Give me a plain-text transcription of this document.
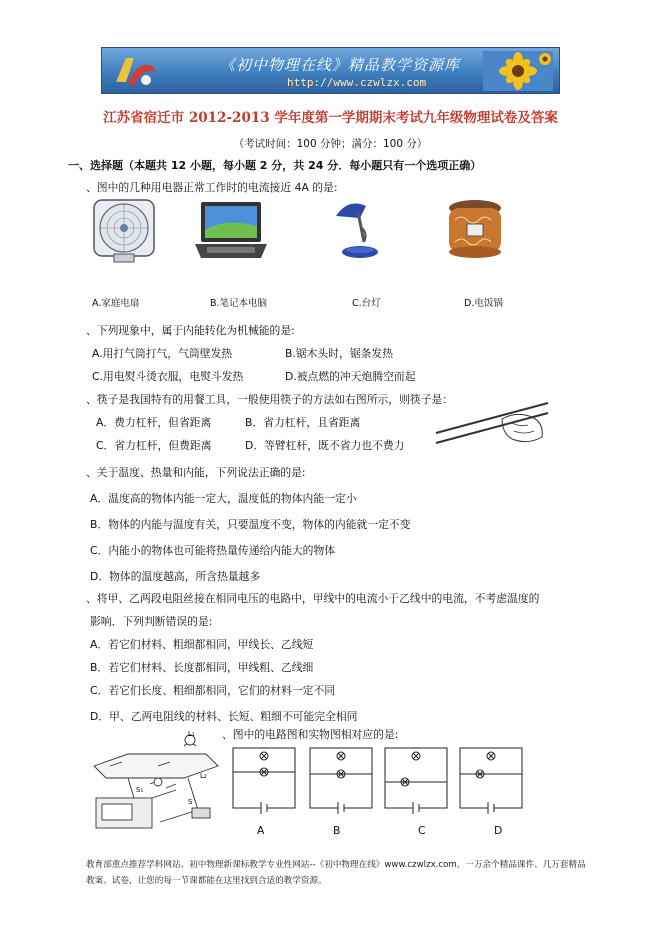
《初中物理在线》精品教学资源库
http://www.czwlzx.com
江苏省宿迁市 2012-2013 学年度第一学期期末考试九年级物理试卷及答案
（考试时间：100 分钟；满分：100 分）
一、选择题（本题共 12 小题，每小题 2 分，共 24 分．每小题只有一个选项正确）
、图中的几种用电器正常工作时的电流接近 4A 的是:
A.家庭电扇	B.笔记本电脑	C.台灯	D.电饭锅
、下列现象中，属于内能转化为机械能的是:
A.用打气筒打气，气筒壁发热	B.锯木头时，锯条发热
C.用电熨斗烫衣服，电熨斗发热	D.被点燃的冲天炮腾空而起
、筷子是我国特有的用餐工具，一般使用筷子的方法如右图所示，则筷子是：
A．费力杠杆，但省距离	B．省力杠杆，且省距离
C．省力杠杆，但费距离	D．等臂杠杆，既不省力也不费力
、关于温度、热量和内能，下列说法正确的是:
A．温度高的物体内能一定大，温度低的物体内能一定小
B．物体的内能与温度有关，只要温度不变，物体的内能就一定不变
C．内能小的物体也可能将热量传递给内能大的物体
D．物体的温度越高，所含热量越多
、将甲、乙两段电阻丝接在相同电压的电路中，甲线中的电流小于乙线中的电流，不考虑温度的
影响．下列判断错误的是:
A．若它们材料、粗细都相同，甲线长、乙线短
B．若它们材料、长度都相同，甲线粗、乙线细
C．若它们长度、粗细都相同，它们的材料一定不同
D．甲、乙两电阻线的材料、长短、粗细不可能完全相同
、图中的电路图和实物图相对应的是:
L₁
S₁
L₂
S
A	B	C	D
教育部重点推荐学科网站、初中物理新课标教学专业性网站--《初中物理在线》www.czwlzx.com。一万余个精品课件、几万套精品教案、试卷，让您的每一节课都能在这里找到合适的教学资源。
